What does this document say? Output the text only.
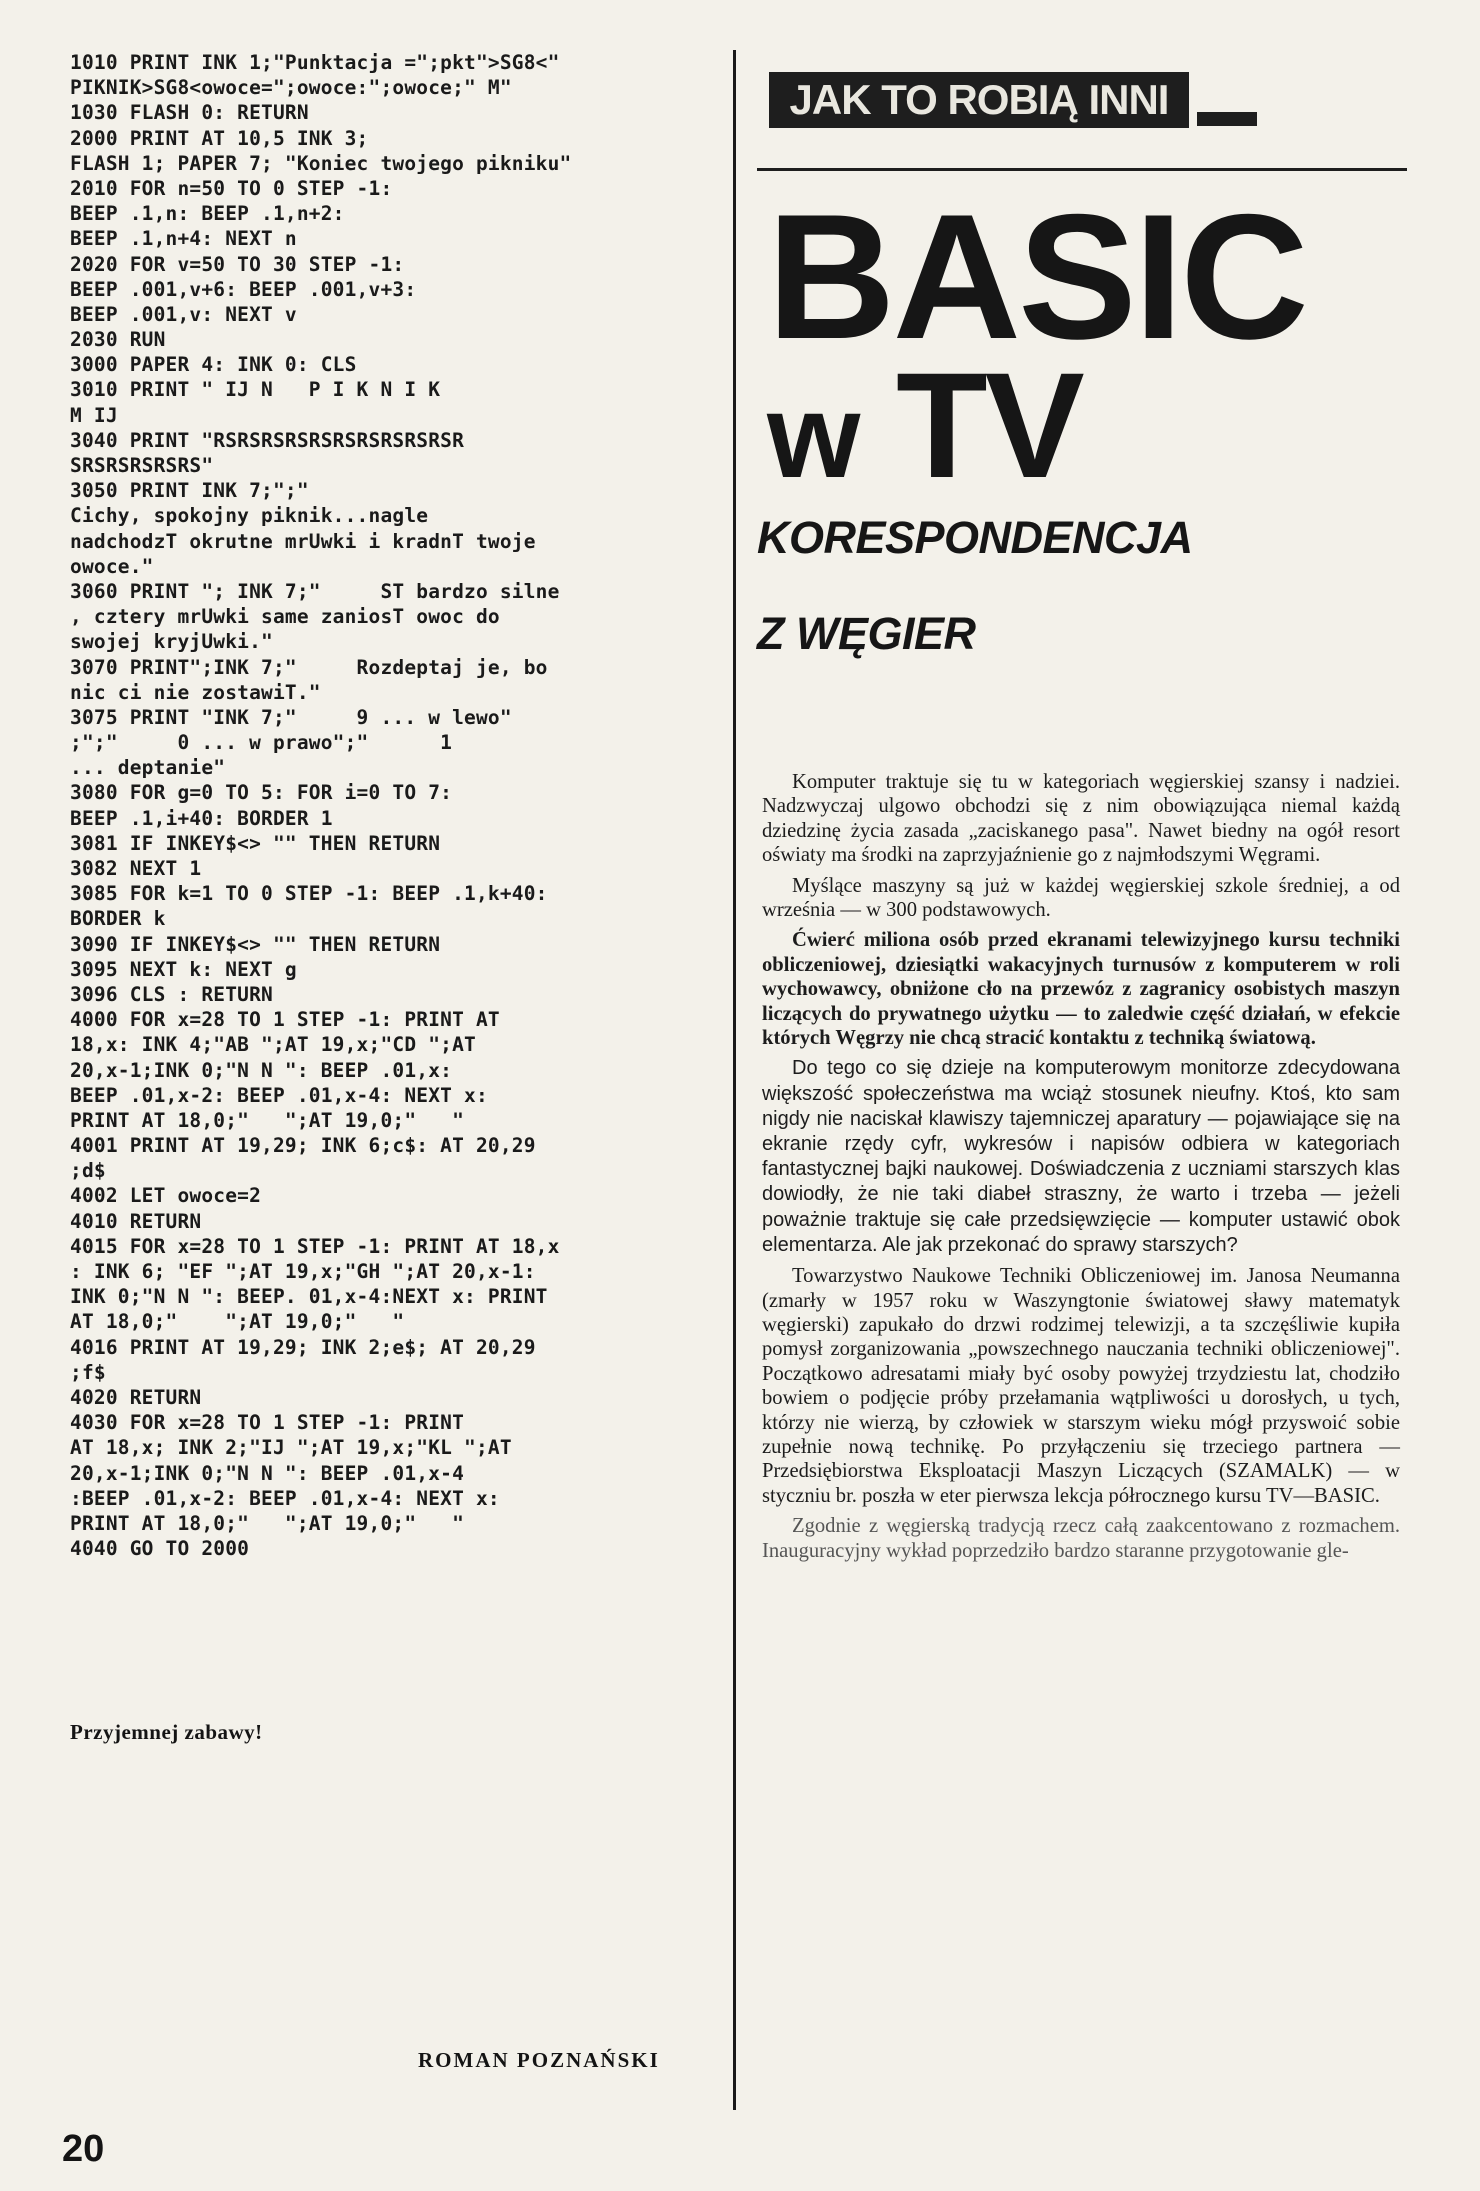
1010 PRINT INK 1;"Punktacja =";pkt">SG8<"
PIKNIK>SG8<owoce=";owoce:";owoce;" M"
1030 FLASH 0: RETURN
2000 PRINT AT 10,5 INK 3;
FLASH 1; PAPER 7; "Koniec twojego pikniku"
2010 FOR n=50 TO 0 STEP -1:
BEEP .1,n: BEEP .1,n+2:
BEEP .1,n+4: NEXT n
2020 FOR v=50 TO 30 STEP -1:
BEEP .001,v+6: BEEP .001,v+3:
BEEP .001,v: NEXT v
2030 RUN
3000 PAPER 4: INK 0: CLS
3010 PRINT " IJ N   P I K N I K
M IJ
3040 PRINT "RSRSRSRSRSRSRSRSRSRSR
SRSRSRSRSRS"
3050 PRINT INK 7;";"
Cichy, spokojny piknik...nagle
nadchodzT okrutne mrUwki i kradnT twoje
owoce."
3060 PRINT "; INK 7;"     ST bardzo silne
, cztery mrUwki same zaniosT owoc do
swojej kryjUwki."
3070 PRINT";INK 7;"     Rozdeptaj je, bo
nic ci nie zostawiT."
3075 PRINT "INK 7;"     9 ... w lewo"
;";"     0 ... w prawo";"      1
... deptanie"
3080 FOR g=0 TO 5: FOR i=0 TO 7:
BEEP .1,i+40: BORDER 1
3081 IF INKEY$<> "" THEN RETURN
3082 NEXT 1
3085 FOR k=1 TO 0 STEP -1: BEEP .1,k+40:
BORDER k
3090 IF INKEY$<> "" THEN RETURN
3095 NEXT k: NEXT g
3096 CLS : RETURN
4000 FOR x=28 TO 1 STEP -1: PRINT AT
18,x: INK 4;"AB ";AT 19,x;"CD ";AT
20,x-1;INK 0;"N N ": BEEP .01,x:
BEEP .01,x-2: BEEP .01,x-4: NEXT x:
PRINT AT 18,0;"   ";AT 19,0;"   "
4001 PRINT AT 19,29; INK 6;c$: AT 20,29
;d$
4002 LET owoce=2
4010 RETURN
4015 FOR x=28 TO 1 STEP -1: PRINT AT 18,x
: INK 6; "EF ";AT 19,x;"GH ";AT 20,x-1:
INK 0;"N N ": BEEP. 01,x-4:NEXT x: PRINT
AT 18,0;"    ";AT 19,0;"   "
4016 PRINT AT 19,29; INK 2;e$; AT 20,29
;f$
4020 RETURN
4030 FOR x=28 TO 1 STEP -1: PRINT
AT 18,x; INK 2;"IJ ";AT 19,x;"KL ";AT
20,x-1;INK 0;"N N ": BEEP .01,x-4
:BEEP .01,x-2: BEEP .01,x-4: NEXT x:
PRINT AT 18,0;"   ";AT 19,0;"   "
4040 GO TO 2000
Przyjemnej zabawy!
ROMAN POZNAŃSKI
20
JAK TO ROBIĄ INNI
BASIC
w TV
KORESPONDENCJA
Z WĘGIER

Komputer traktuje się tu w kategoriach węgierskiej szansy i nadziei. Nadzwyczaj ulgowo obchodzi się z nim obowiązująca niemal każdą dziedzinę życia zasada „zaciskanego pasa". Nawet biedny na ogół resort oświaty ma środki na zaprzyjaźnienie go z najmłodszymi Węgrami.

Myślące maszyny są już w każdej węgierskiej szkole średniej, a od września — w 300 podstawowych.

Ćwierć miliona osób przed ekranami telewizyjnego kursu techniki obliczeniowej, dziesiątki wakacyjnych turnusów z komputerem w roli wychowawcy, obniżone cło na przewóz z zagranicy osobistych maszyn liczących do prywatnego użytku — to zaledwie część działań, w efekcie których Węgrzy nie chcą stracić kontaktu z techniką światową.

Do tego co się dzieje na komputerowym monitorze zdecydowana większość społeczeństwa ma wciąż stosunek nieufny. Ktoś, kto sam nigdy nie naciskał klawiszy tajemniczej aparatury — pojawiające się na ekranie rzędy cyfr, wykresów i napisów odbiera w kategoriach fantastycznej bajki naukowej. Doświadczenia z uczniami starszych klas dowiodły, że nie taki diabeł straszny, że warto i trzeba — jeżeli poważnie traktuje się całe przedsięwzięcie — komputer ustawić obok elementarza. Ale jak przekonać do sprawy starszych?

Towarzystwo Naukowe Techniki Obliczeniowej im. Janosa Neumanna (zmarły w 1957 roku w Waszyngtonie światowej sławy matematyk węgierski) zapukało do drzwi rodzimej telewizji, a ta szczęśliwie kupiła pomysł zorganizowania „powszechnego nauczania techniki obliczeniowej". Początkowo adresatami miały być osoby powyżej trzydziestu lat, chodziło bowiem o podjęcie próby przełamania wątpliwości u dorosłych, u tych, którzy nie wierzą, by człowiek w starszym wieku mógł przyswoić sobie zupełnie nową technikę. Po przyłączeniu się trzeciego partnera — Przedsiębiorstwa Eksploatacji Maszyn Liczących (SZAMALK) — w styczniu br. poszła w eter pierwsza lekcja półrocznego kursu TV—BASIC.

Zgodnie z węgierską tradycją rzecz całą zaakcentowano z rozmachem. Inauguracyjny wykład poprzedziło bardzo staranne przygotowanie gle-
